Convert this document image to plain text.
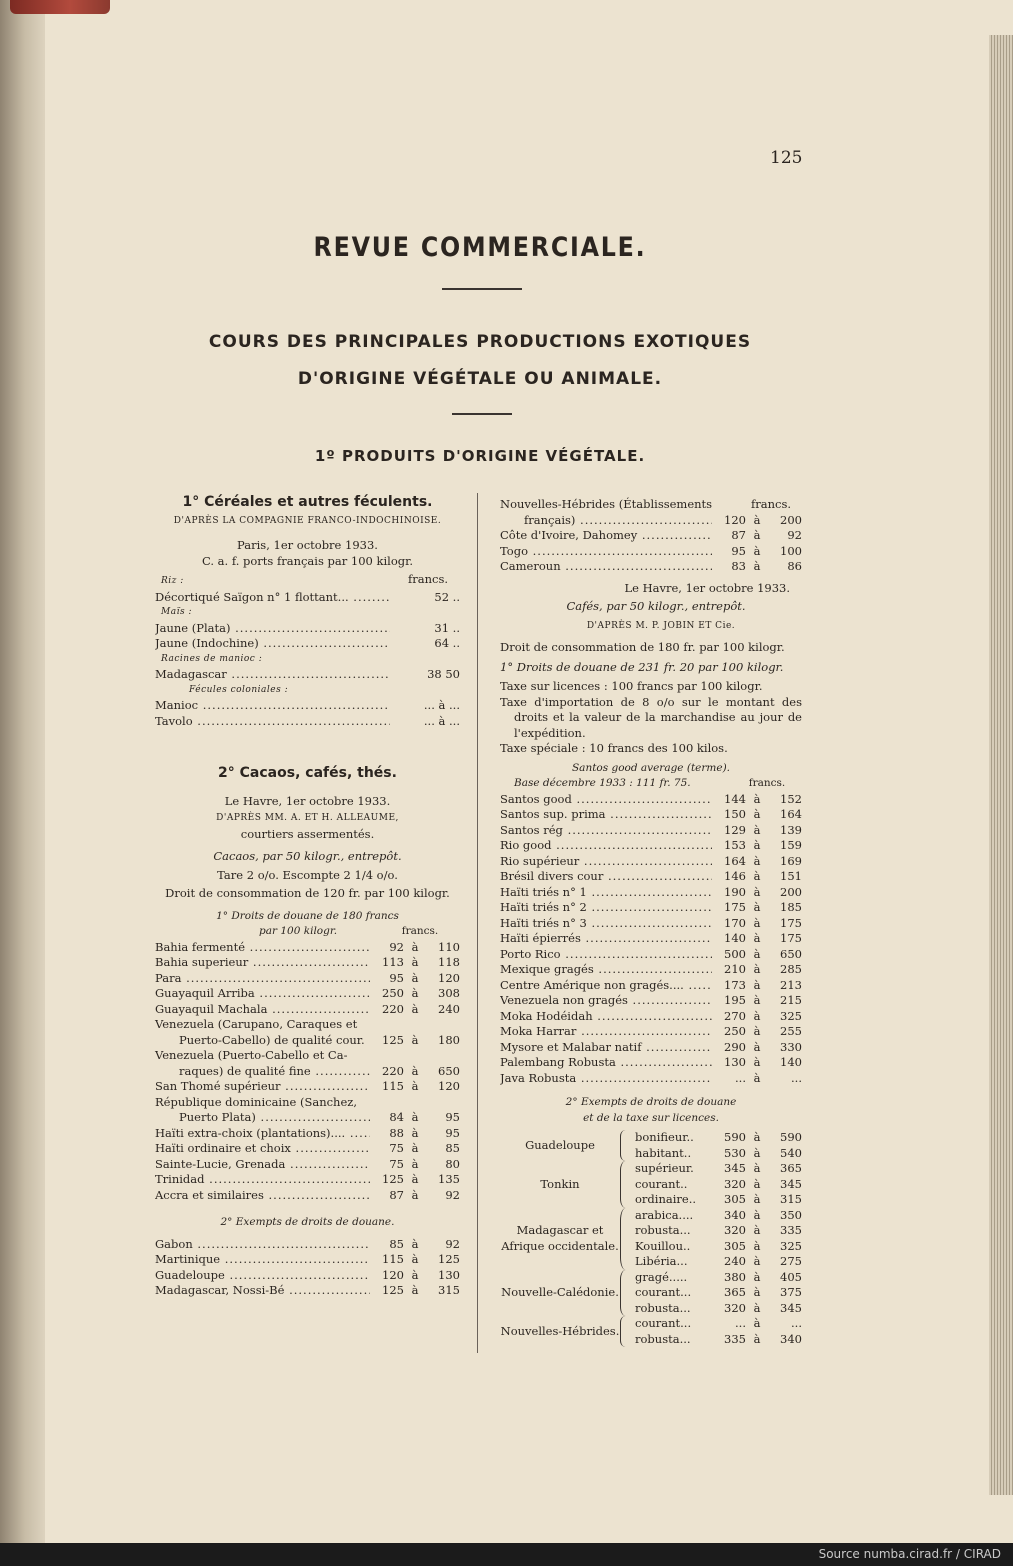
125
REVUE COMMERCIALE.
COURS DES PRINCIPALES PRODUCTIONS EXOTIQUES
D'ORIGINE VÉGÉTALE OU ANIMALE.
1º PRODUITS D'ORIGINE VÉGÉTALE.
1° Céréales et autres féculents.
D'APRÈS LA COMPAGNIE FRANCO-INDOCHINOISE.
Paris, 1er octobre 1933.
C. a. f. ports français par 100 kilogr.
Riz :	francs.
Décortiqué Saïgon n° 1 flottant... .....	52 ..
Maïs :
Jaune (Plata) .....	31 ..
Jaune (Indochine) .....	64 ..
Racines de manioc :
Madagascar .....	38 50
Fécules coloniales :
Manioc .....	... à ...
Tavolo .....	... à ...
2° Cacaos, cafés, thés.
Le Havre, 1er octobre 1933.
D'APRÈS MM. A. ET H. ALLEAUME,
courtiers assermentés.
Cacaos, par 50 kilogr., entrepôt.
Tare 2 o/o. Escompte 2 1/4 o/o.
Droit de consommation de 120 fr. par 100 kilogr.
1° Droits de douane de 180 francs
par 100 kilogr.	francs.
Bahia fermenté .....	92 à	110
Bahia superieur .....	113 à	118
Para .....	95 à	120
Guayaquil Arriba .....	250 à	308
Guayaquil Machala .....	220 à	240
Venezuela (Carupano, Caraques et
Puerto-Cabello) de qualité cour.	125 à	180
Venezuela (Puerto-Cabello et Ca-
raques) de qualité fine .....	220 à	650
San Thomé supérieur .....	115 à	120
République dominicaine (Sanchez,
Puerto Plata) .....	84 à	95
Haïti extra-choix (plantations).... .....	88 à	95
Haïti ordinaire et choix .....	75 à	85
Sainte-Lucie, Grenada .....	75 à	80
Trinidad .....	125 à	135
Accra et similaires .....	87 à	92
2° Exempts de droits de douane.
Gabon .....	85 à	92
Martinique .....	115 à	125
Guadeloupe .....	120 à	130
Madagascar, Nossi-Bé .....	125 à	315
Nouvelles-Hébrides (Établissements	francs.
français) .....	120 à	200
Côte d'Ivoire, Dahomey .....	87 à	92
Togo .....	95 à	100
Cameroun .....	83 à	86
Le Havre, 1er octobre 1933.
Cafés, par 50 kilogr., entrepôt.
D'APRÈS M. P. JOBIN ET Cie.
Droit de consommation de 180 fr. par 100 kilogr.
1° Droits de douane de 231 fr. 20 par 100 kilogr.
Taxe sur licences : 100 francs par 100 kilogr.
Taxe d'importation de 8 o/o sur le montant des droits et la valeur de la marchandise au jour de l'expédition.
Taxe spéciale : 10 francs des 100 kilos.
Santos good average (terme).
Base décembre 1933 : 111 fr. 75.	francs.
Santos good .....	144 à	152
Santos sup. prima .....	150 à	164
Santos rég .....	129 à	139
Rio good .....	153 à	159
Rio supérieur .....	164 à	169
Brésil divers cour .....	146 à	151
Haïti triés n° 1 .....	190 à	200
Haïti triés n° 2 .....	175 à	185
Haïti triés n° 3 .....	170 à	175
Haïti épierrés .....	140 à	175
Porto Rico .....	500 à	650
Mexique gragés .....	210 à	285
Centre Amérique non gragés.... .....	173 à	213
Venezuela non gragés .....	195 à	215
Moka Hodéidah .....	270 à	325
Moka Harrar .....	250 à	255
Mysore et Malabar natif .....	290 à	330
Palembang Robusta .....	130 à	140
Java Robusta .....	... à	...
2° Exempts de droits de douane
et de la taxe sur licences.
Guadeloupe
bonifieur..	590 à	590
habitant..	530 à	540
Tonkin
supérieur.	345 à	365
courant..	320 à	345
ordinaire..	305 à	315
Madagascar et Afrique occidentale.
arabica....	340 à	350
robusta...	320 à	335
Kouillou..	305 à	325
Libéria...	240 à	275
Nouvelle-Calédonie.
gragé.....	380 à	405
courant...	365 à	375
robusta...	320 à	345
Nouvelles-Hébrides.
courant...	... à	...
robusta...	335 à	340
Source numba.cirad.fr / CIRAD
